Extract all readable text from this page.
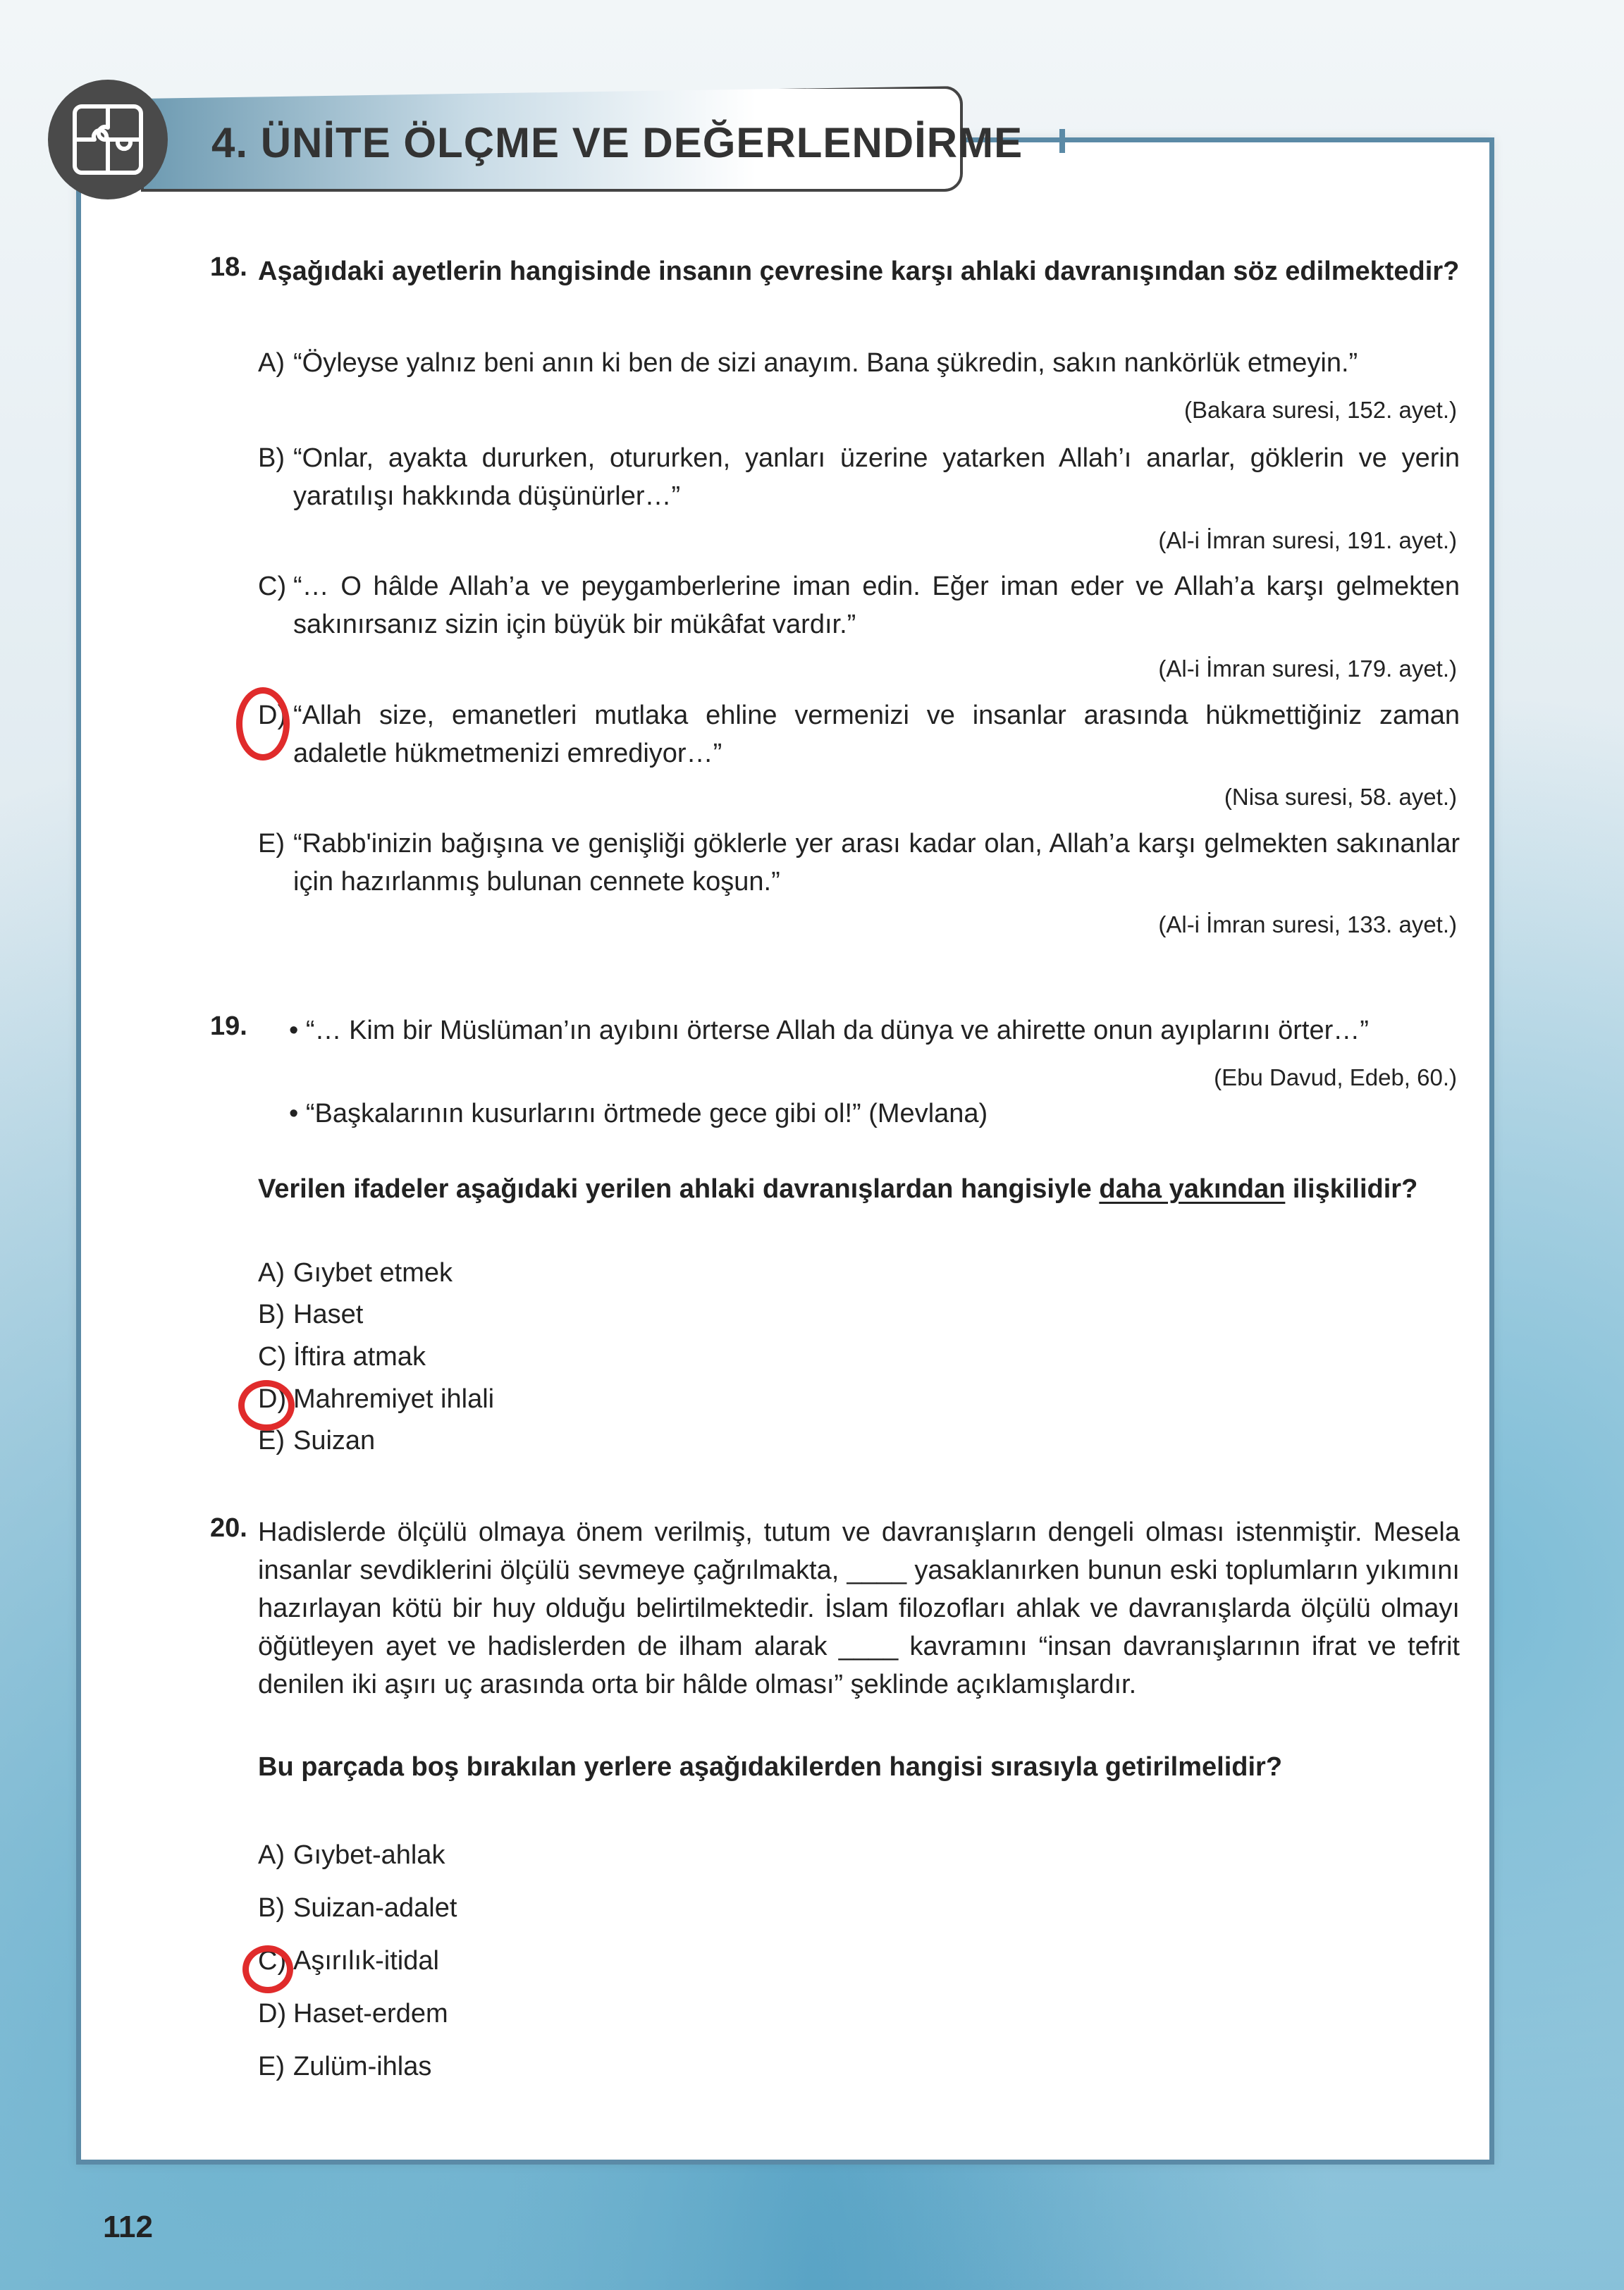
4. ÜNİTE ÖLÇME VE DEĞERLENDİRME
18. Aşağıdaki ayetlerin hangisinde insanın çevresine karşı ahlaki davranışından söz edilmektedir?
A) “Öyleyse yalnız beni anın ki ben de sizi anayım. Bana şükredin, sakın nankörlük etmeyin.”
(Bakara suresi, 152. ayet.)
B) “Onlar, ayakta dururken, otururken, yanları üzerine yatarken Allah’ı anarlar, göklerin ve yerin yaratılışı hakkında düşünürler…”
(Al-i İmran suresi, 191. ayet.)
C) “… O hâlde Allah’a ve peygamberlerine iman edin. Eğer iman eder ve Allah’a karşı gelmekten sakınırsanız sizin için büyük bir mükâfat vardır.”
(Al-i İmran suresi, 179. ayet.)
D) “Allah size, emanetleri mutlaka ehline vermenizi ve insanlar arasında hükmettiğiniz zaman adaletle hükmetmenizi emrediyor…”
(Nisa suresi, 58. ayet.)
E) “Rabb'inizin bağışına ve genişliği göklerle yer arası kadar olan, Allah’a karşı gelmekten sakınanlar için hazırlanmış bulunan cennete koşun.”
(Al-i İmran suresi, 133. ayet.)
19. • “… Kim bir Müslüman’ın ayıbını örterse Allah da dünya ve ahirette onun ayıplarını örter…”
(Ebu Davud, Edeb, 60.)
• “Başkalarının kusurlarını örtmede gece gibi ol!” (Mevlana)
Verilen ifadeler aşağıdaki yerilen ahlaki davranışlardan hangisiyle daha yakından ilişkilidir?
A) Gıybet etmek
B) Haset
C) İftira atmak
D) Mahremiyet ihlali
E) Suizan
20. Hadislerde ölçülü olmaya önem verilmiş, tutum ve davranışların dengeli olması istenmiştir. Mesela insanlar sevdiklerini ölçülü sevmeye çağrılmakta, ____ yasaklanırken bunun eski toplumların yıkımını hazırlayan kötü bir huy olduğu belirtilmektedir. İslam filozofları ahlak ve davranışlarda ölçülü olmayı öğütleyen ayet ve hadislerden de ilham alarak ____ kavramını “insan davranışlarının ifrat ve tefrit denilen iki aşırı uç arasında orta bir hâlde olması” şeklinde açıklamışlardır.
Bu parçada boş bırakılan yerlere aşağıdakilerden hangisi sırasıyla getirilmelidir?
A) Gıybet-ahlak
B) Suizan-adalet
C) Aşırılık-itidal
D) Haset-erdem
E) Zulüm-ihlas
112
